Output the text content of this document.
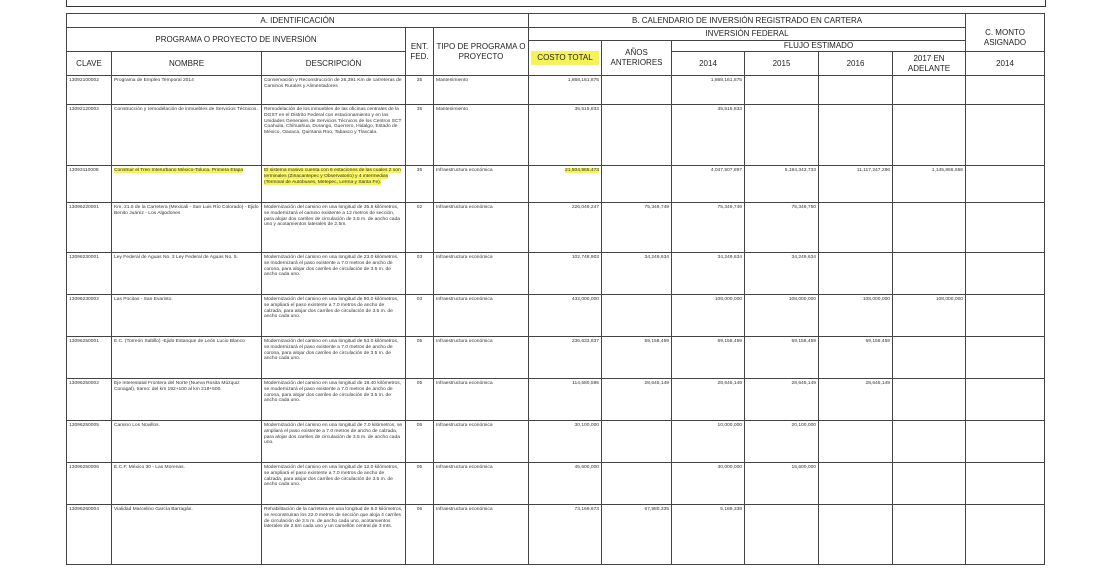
A. IDENTIFICACIÓN					B. CALENDARIO DE INVERSIÓN REGISTRADO EN CARTERA						C. MONTO ASIGNADO
PROGRAMA O PROYECTO DE INVERSIÓN			ENT. FED.	TIPO DE PROGRAMA O PROYECTO	INVERSIÓN FEDERAL						
					COSTO TOTAL	AÑOS ANTERIORES	FLUJO ESTIMADO				
CLAVE	NOMBRE	DESCRIPCIÓN					2014	2015	2016	2017 EN ADELANTE	2014
13092100002	Programa de Empleo Temporal 2014	Conservación y Reconstrucción de 26,391 Km de carreteras de Caminos Rurales y Alimentadores	35	Mantenimiento	1,868,161,875		1,868,161,875				
13092120002	Construcción y remodelación de inmuebles de Servicios Técnicos.	Remodelación de los inmuebles de las oficinas centrales de la DGST en el Distrito Federal con estacionamiento y en las Unidades Generales de Servicios Técnicos de los Centros SCT Coahuila, Chihuahua, Durango, Guerrero, Hidalgo, Estado de México, Oaxaca, Quintana Roo, Tabasco y Tlaxcala.	35	Mantenimiento	35,515,833		35,515,833				
13093110008	Construir el Tren Interurbano México-Toluca. Primera Etapa	El sistema masivo cuenta con 6 estaciones de las cuales 2 son terminales (Zinacantepec y Observatorio) y 4 intermedias (Terminal de Autobuses, Metepec, Lerma y Santa Fe).	35	Infraestructura económica	21,504,965,473		4,047,507,897	5,194,343,733	11,117,247,286	1,145,866,556	
13096220001	Km. 21.5 de la Carretera (Mexicali - San Luis Río Colorado) - Ejido Benito Juárez - Los Algodones	Modernización del camino en una longitud de 35.5 kilómetros, se modernizará el camino existente a 12 metros de sección, para alojar dos carriles de circulación de 3.5 m. de ancho cada uno y acotamientos laterales de 2.5m.	02	Infraestructura económica	226,049,247	75,349,749	75,349,749	75,349,750			
13096230001	Ley Federal de Aguas No. 3 Ley Federal de Aguas No. 5.	Modernización del camino en una longitud de 23.0 kilómetros, se modernizará el paso existente a 7.0 metros de ancho de corona, para alojar dos carriles de circulación de 3.5 m. de ancho cada uno.	03	Infraestructura económica	102,748,903	34,249,634	34,249,634	34,249,634			
13096230002	Las Pocitas - San Evaristo.	Modernización del camino en una longitud de 90.0 kilómetros, se ampliará el paso existente a 7.0 metros de ancho de calzada, para alojar dos carriles de circulación de 3.5 m. de ancho cada uno.	03	Infraestructura económica	432,000,000		108,000,000	108,000,000	108,000,000	108,000,000	
13096250001	E.C. (Torreón Saltillo) -Ejido Estanque de León Lucio Blanco	Modernización del camino en una longitud de 53.0 kilómetros, se modernizará el paso existente a 7.0 metros de ancho de corona, para alojar dos carriles de circulación de 3.5 m. de ancho cada uno.	05	Infraestructura económica	236,633,837	59,158,459	59,158,459	59,158,459	59,158,459		
13096250002	Eje Interestatal Frontera del Norte (Nueva Rosita Múzquiz Conagal), tramo: del km 192+100 al km 218+500.	Modernización del camino en una longitud de 18.40 kilómetros, se modernizará el paso existente a 7.0 metros de ancho de corona, para alojar dos carriles de circulación de 3.5 m. de ancho cada uno.	05	Infraestructura económica	114,580,595	28,645,149	28,645,149	28,645,149	28,645,149		
13096250005	Camino Los Novillos.	Modernización del camino en una longitud de 7.0 kilómetros, se ampliará el paso existente a 7.0 metros de ancho de calzada, para alojar dos carriles de circulación de 3.5 m. de ancho cada uno.	05	Infraestructura económica	30,100,000		10,000,000	20,100,000			
13096250006	E.C.F. México 30 - Las Morenas.	Modernización del camino en una longitud de 12.0 kilómetros, se ampliará el paso existente a 7.0 metros de ancho de calzada, para alojar dos carriles de circulación de 3.5 m. de ancho cada uno.	05	Infraestructura económica	45,600,000		30,000,000	15,600,000			
13096260004	Vialidad Marcelino García Barragán.	Rehabilitación de la carretera en una longitud de 8.0 kilómetros, se reconstruiran los 22.0 metros de sección que aloja 4 carriles de circulación de 3.5 m. de ancho cada uno, acotamientos laterales de 2.5m cada uno y un camellón central de 3 mts.	06	Infraestructura económica	73,169,673	67,980,335	5,189,339				
